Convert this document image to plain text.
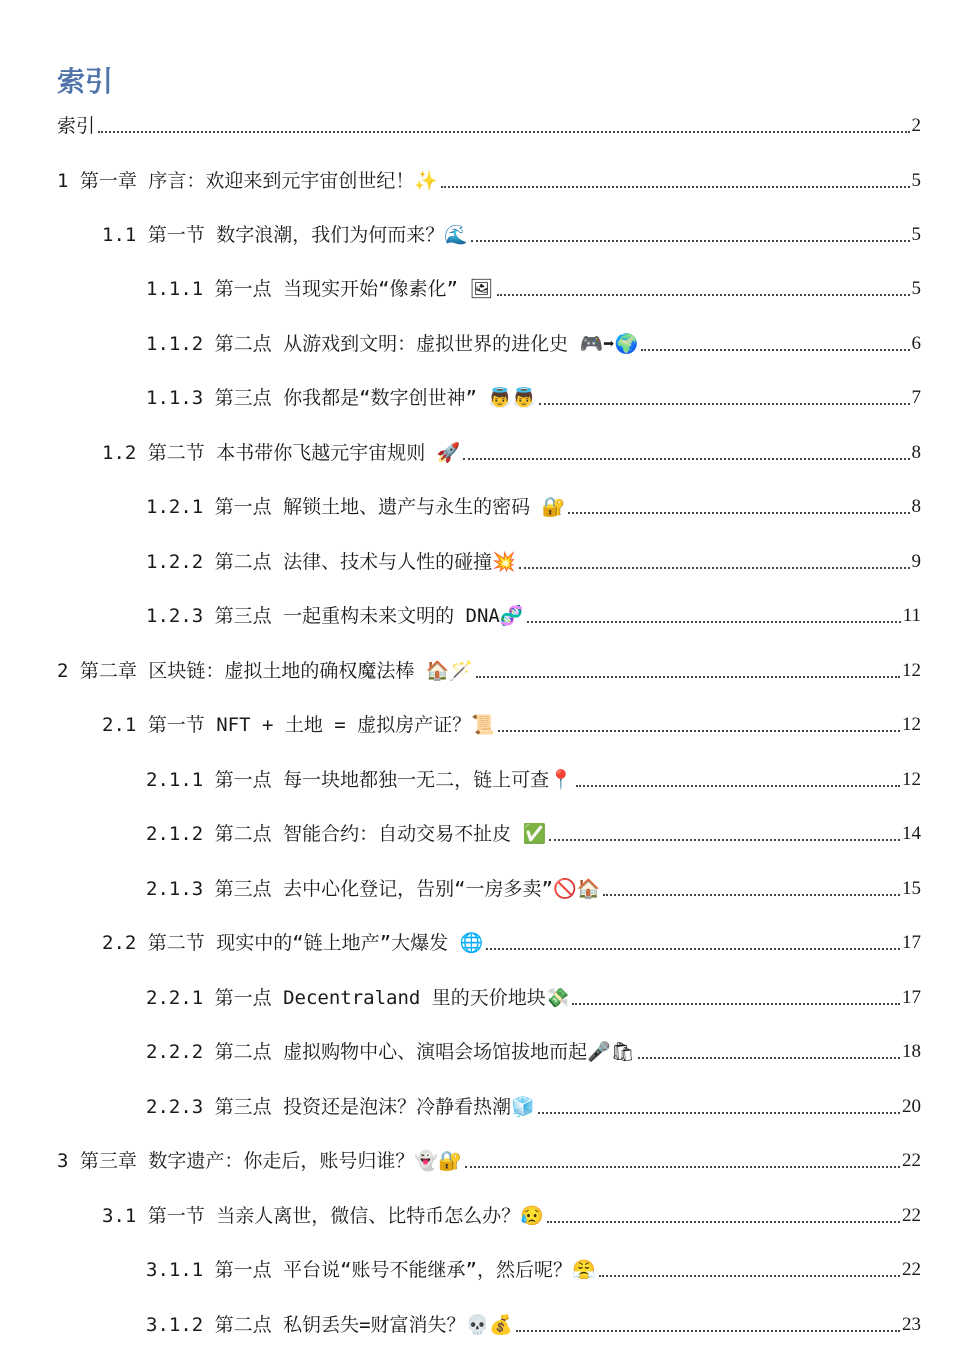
索引
索引	2
1 第一章 序言：欢迎来到元宇宙创世纪！✨	5
1.1 第一节 数字浪潮，我们为何而来？🌊	5
1.1.1 第一点 当现实开始“像素化” 🖼	5
1.1.2 第二点 从游戏到文明：虚拟世界的进化史 🎮➡🌍	6
1.1.3 第三点 你我都是“数字创世神” 👼👼	7
1.2 第二节 本书带你飞越元宇宙规则 🚀	8
1.2.1 第一点 解锁土地、遗产与永生的密码 🔐	8
1.2.2 第二点 法律、技术与人性的碰撞💥	9
1.2.3 第三点 一起重构未来文明的 DNA🧬	11
2 第二章 区块链：虚拟土地的确权魔法棒 🏠🪄	12
2.1 第一节 NFT + 土地 = 虚拟房产证？📜	12
2.1.1 第一点 每一块地都独一无二，链上可查📍	12
2.1.2 第二点 智能合约：自动交易不扯皮 ✅	14
2.1.3 第三点 去中心化登记，告别“一房多卖”🚫🏠	15
2.2 第二节 现实中的“链上地产”大爆发 🌐	17
2.2.1 第一点 Decentraland 里的天价地块💸	17
2.2.2 第二点 虚拟购物中心、演唱会场馆拔地而起🎤🛍	18
2.2.3 第三点 投资还是泡沫？冷静看热潮🧊	20
3 第三章 数字遗产：你走后，账号归谁？👻🔐	22
3.1 第一节 当亲人离世，微信、比特币怎么办？😥	22
3.1.1 第一点 平台说“账号不能继承”，然后呢？😤	22
3.1.2 第二点 私钥丢失=财富消失？💀💰	23
